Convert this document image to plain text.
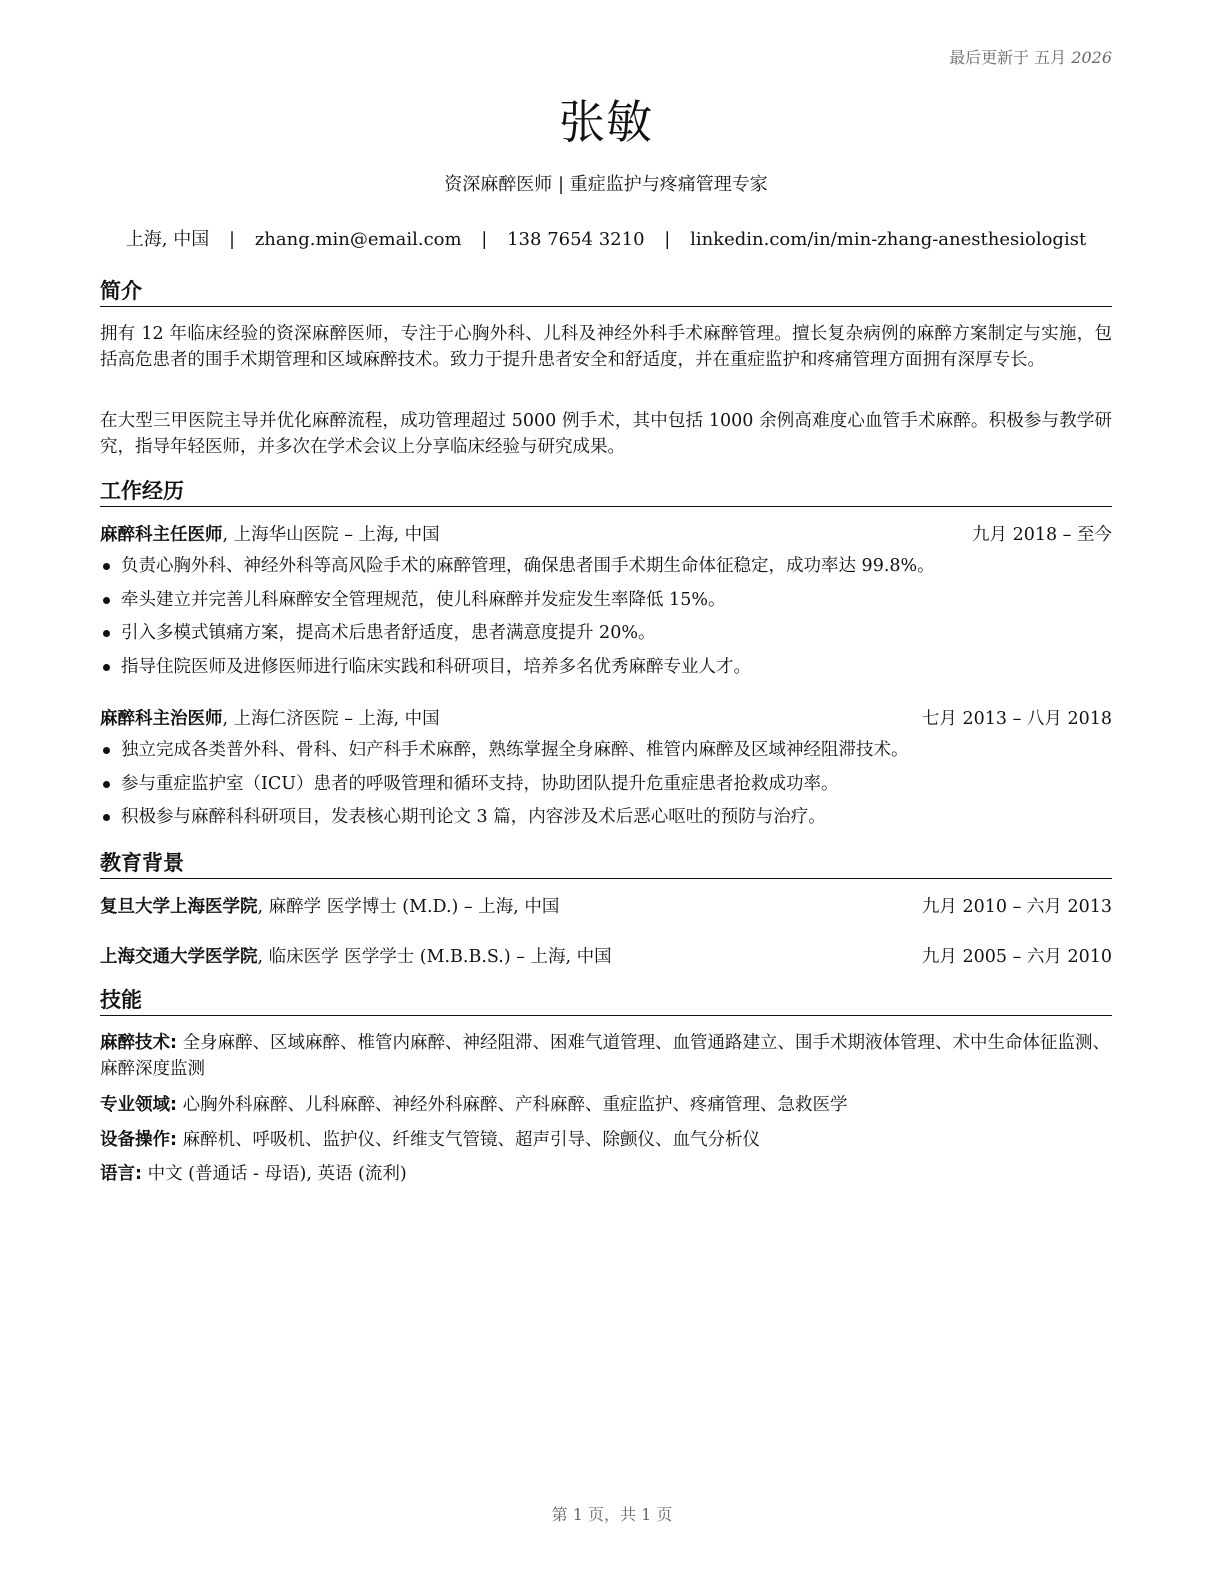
最后更新于 五月 2026
张敏

资深麻醉医师 | 重症监护与疼痛管理专家

上海, 中国 | zhang.min@email.com | 138 7654 3210 | linkedin.com/in/min-zhang-anesthesiologist

简介

拥有 12 年临床经验的资深麻醉医师，专注于心胸外科、儿科及神经外科手术麻醉管理。擅长复杂病例的麻醉方案制定与实施，包括高危患者的围手术期管理和区域麻醉技术。致力于提升患者安全和舒适度，并在重症监护和疼痛管理方面拥有深厚专长。

在大型三甲医院主导并优化麻醉流程，成功管理超过 5000 例手术，其中包括 1000 余例高难度心血管手术麻醉。积极参与教学研究，指导年轻医师，并多次在学术会议上分享临床经验与研究成果。

工作经历
麻醉科主任医师, 上海华山医院 – 上海, 中国	九月 2018 – 至今
负责心胸外科、神经外科等高风险手术的麻醉管理，确保患者围手术期生命体征稳定，成功率达 99.8%。
牵头建立并完善儿科麻醉安全管理规范，使儿科麻醉并发症发生率降低 15%。
引入多模式镇痛方案，提高术后患者舒适度，患者满意度提升 20%。
指导住院医师及进修医师进行临床实践和科研项目，培养多名优秀麻醉专业人才。
麻醉科主治医师, 上海仁济医院 – 上海, 中国	七月 2013 – 八月 2018
独立完成各类普外科、骨科、妇产科手术麻醉，熟练掌握全身麻醉、椎管内麻醉及区域神经阻滞技术。
参与重症监护室（ICU）患者的呼吸管理和循环支持，协助团队提升危重症患者抢救成功率。
积极参与麻醉科科研项目，发表核心期刊论文 3 篇，内容涉及术后恶心呕吐的预防与治疗。
教育背景
复旦大学上海医学院, 麻醉学 医学博士 (M.D.) – 上海, 中国	九月 2010 – 六月 2013
上海交通大学医学院, 临床医学 医学学士 (M.B.B.S.) – 上海, 中国	九月 2005 – 六月 2010
技能

麻醉技术: 全身麻醉、区域麻醉、椎管内麻醉、神经阻滞、困难气道管理、血管通路建立、围手术期液体管理、术中生命体征监测、麻醉深度监测

专业领域: 心胸外科麻醉、儿科麻醉、神经外科麻醉、产科麻醉、重症监护、疼痛管理、急救医学

设备操作: 麻醉机、呼吸机、监护仪、纤维支气管镜、超声引导、除颤仪、血气分析仪

语言: 中文 (普通话 - 母语), 英语 (流利)

第 1 页，共 1 页
